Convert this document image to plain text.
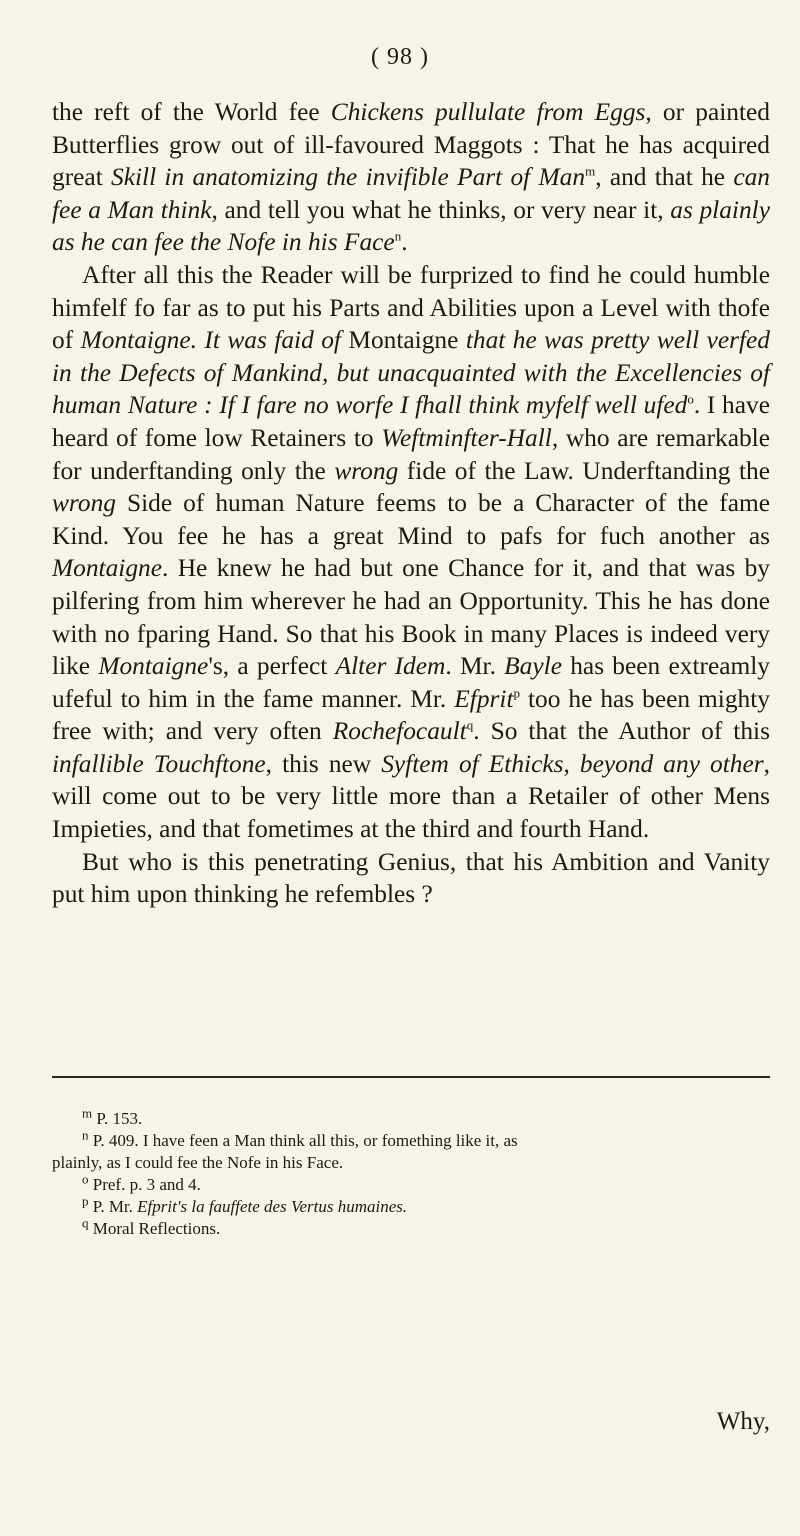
( 98 )

the reft of the World fee Chickens pullulate from Eggs, or painted Butterflies grow out of ill-favoured Maggots : That he has acquired great Skill in anatomizing the invifible Part of Man$^m$, and that he can fee a Man think, and tell you what he thinks, or very near it, as plainly as he can fee the Nofe in his Face$^n$.

After all this the Reader will be furprized to find he could humble himfelf fo far as to put his Parts and Abilities upon a Level with thofe of Montaigne. It was faid of Montaigne that he was pretty well verfed in the Defects of Mankind, but unacquainted with the Excellencies of human Nature : If I fare no worfe I fhall think myfelf well ufed$^o$. I have heard of fome low Retainers to Weftminfter-Hall, who are remarkable for underftanding only the wrong fide of the Law. Underftanding the wrong Side of human Nature feems to be a Character of the fame Kind. You fee he has a great Mind to pafs for fuch another as Montaigne. He knew he had but one Chance for it, and that was by pilfering from him wherever he had an Opportunity. This he has done with no fparing Hand. So that his Book in many Places is indeed very like Montaigne's, a perfect Alter Idem. Mr. Bayle has been extreamly ufeful to him in the fame manner. Mr. Efprit$^p$ too he has been mighty free with; and very often Rochefocault$^q$. So that the Author of this infallible Touchftone, this new Syftem of Ethicks, beyond any other, will come out to be very little more than a Retailer of other Mens Impieties, and that fometimes at the third and fourth Hand.

But who is this penetrating Genius, that his Ambition and Vanity put him upon thinking he refembles ?

$^m$ P. 153.
$^n$ P. 409. I have feen a Man think all this, or fomething like it, as
plainly, as I could fee the Nofe in his Face.
$^o$ Pref. p. 3 and 4.
$^p$ P. Mr. Efprit's la fauffete des Vertus humaines.
$^q$ Moral Reflections.
Why,
